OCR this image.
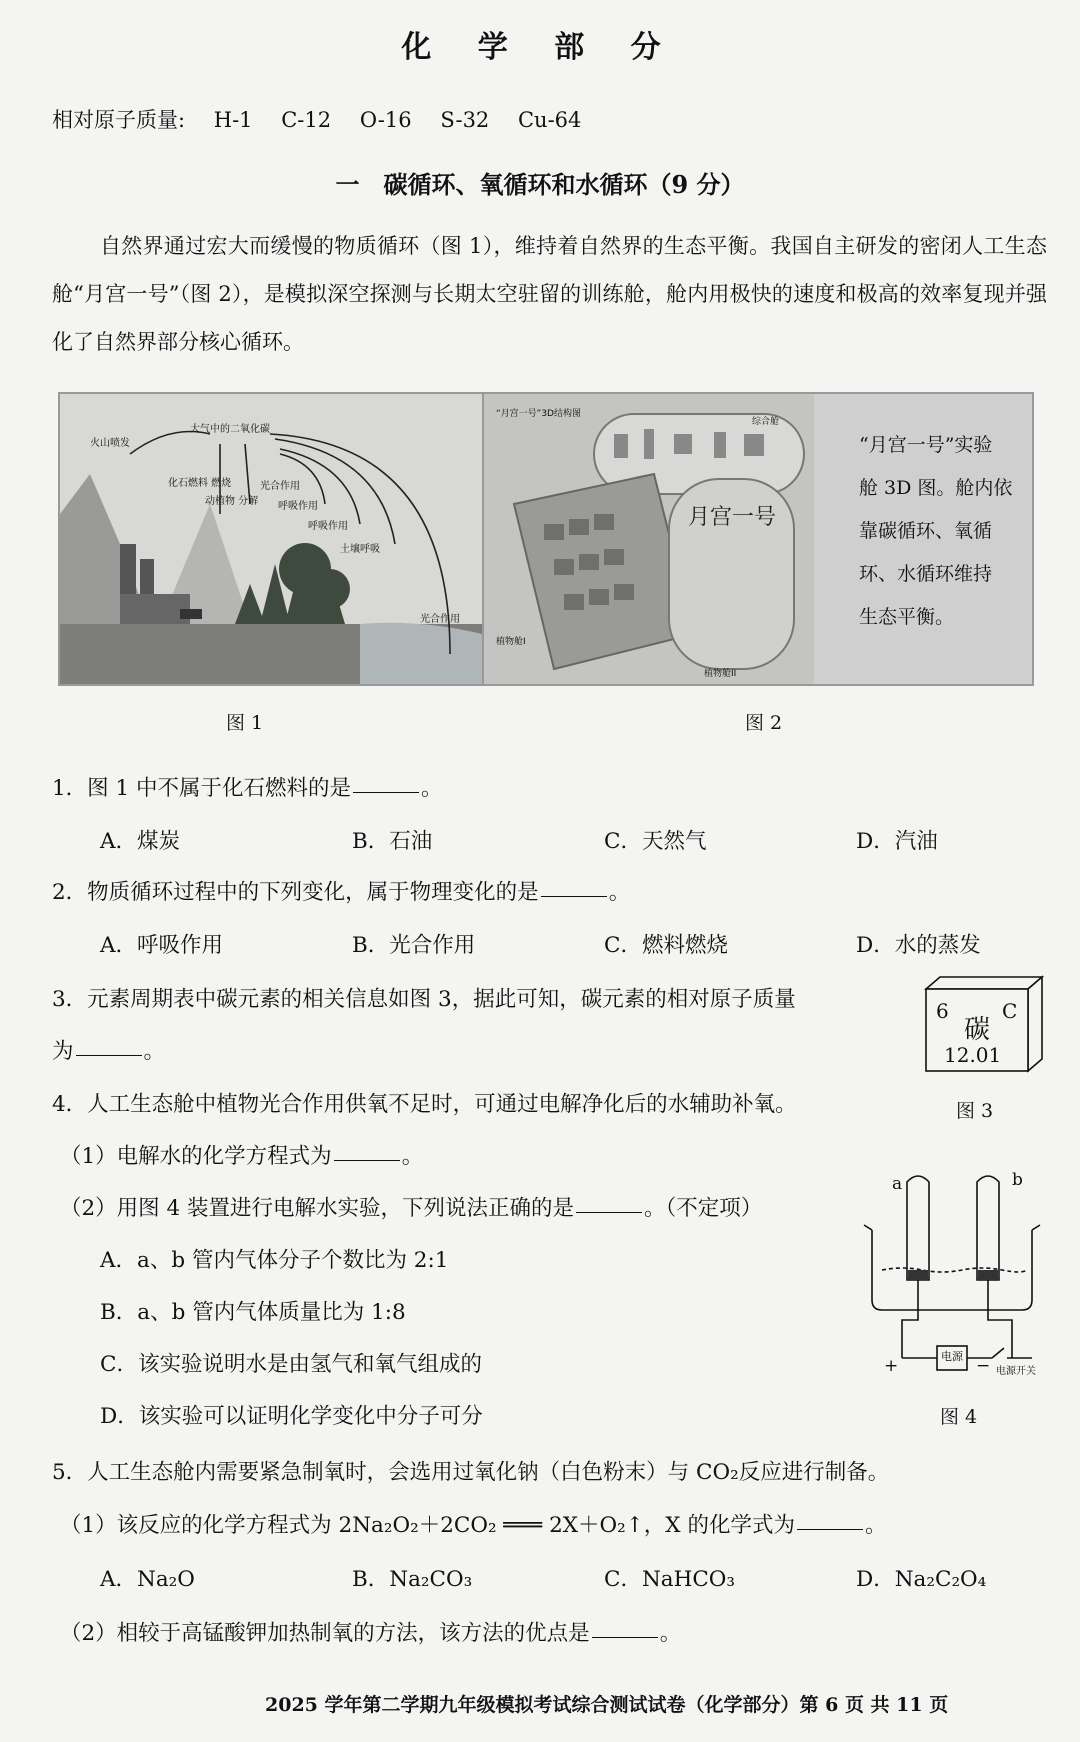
化 学 部 分
相对原子质量: H-1 C-12 O-16 S-32 Cu-64
一　碳循环、氧循环和水循环（9 分）
自然界通过宏大而缓慢的物质循环（图 1），维持着自然界的生态平衡。我国自主研发的密闭人工生态舱“月宫一号”（图 2），是模拟深空探测与长期太空驻留的训练舱，舱内用极快的速度和极高的效率复现并强化了自然界部分核心循环。
火山喷发
大气中的二氧化碳
化石燃料 燃烧
动植物 分解
光合作用
呼吸作用
呼吸作用
土壤呼吸
光合作用
图 1
月宫一号
“月宫一号”3D结构图
综合舱
植物舱I
植物舱II
“月宫一号”实验
舱 3D 图。舱内依
靠碳循环、氧循
环、水循环维持
生态平衡。
图 2
1．图 1 中不属于化石燃料的是	。
A．煤炭	B．石油	C．天然气	D．汽油
2．物质循环过程中的下列变化，属于物理变化的是	。
A．呼吸作用	B．光合作用	C．燃料燃烧	D．水的蒸发
3．元素周期表中碳元素的相关信息如图 3，据此可知，碳元素的相对原子质量
为	。
6
碳
C
12.01
图 3
4．人工生态舱中植物光合作用供氧不足时，可通过电解净化后的水辅助补氧。
（1）电解水的化学方程式为	。
（2）用图 4 装置进行电解水实验，下列说法正确的是	。（不定项）
A．a、b 管内气体分子个数比为 2:1
B．a、b 管内气体质量比为 1:8
C．该实验说明水是由氢气和氧气组成的
D．该实验可以证明化学变化中分子可分
a	b
电源
电源开关
+	−
图 4
5．人工生态舱内需要紧急制氧时，会选用过氧化钠（白色粉末）与 CO₂反应进行制备。
（1）该反应的化学方程式为 2Na₂O₂＋2CO₂ ═══ 2X＋O₂↑，X 的化学式为	。
A．Na₂O	B．Na₂CO₃	C．NaHCO₃	D．Na₂C₂O₄
（2）相较于高锰酸钾加热制氧的方法，该方法的优点是	。
2025 学年第二学期九年级模拟考试综合测试试卷（化学部分）第 6 页 共 11 页
